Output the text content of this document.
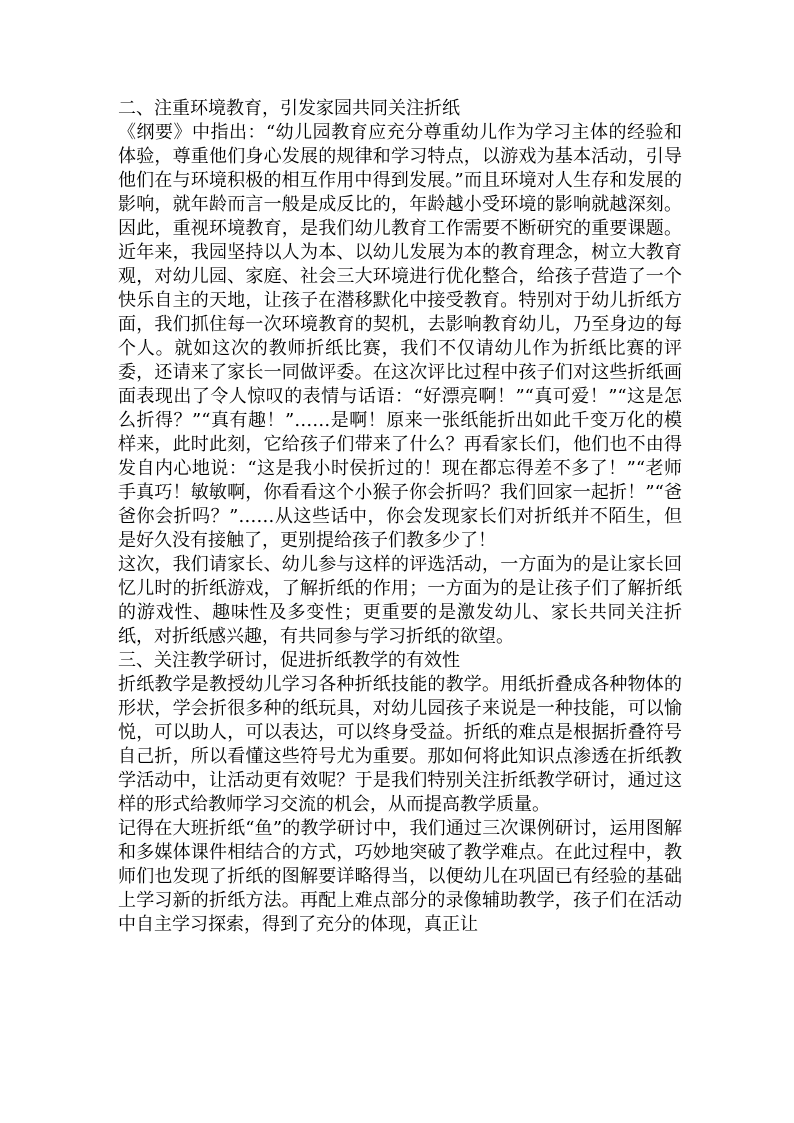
二、注重环境教育，引发家园共同关注折纸

《纲要》中指出：“幼儿园教育应充分尊重幼儿作为学习主体的经验和体验，尊重他们身心发展的规律和学习特点，以游戏为基本活动，引导他们在与环境积极的相互作用中得到发展。”而且环境对人生存和发展的影响，就年龄而言一般是成反比的，年龄越小受环境的影响就越深刻。因此，重视环境教育，是我们幼儿教育工作需要不断研究的重要课题。 近年来，我园坚持以人为本、以幼儿发展为本的教育理念，树立大教育观，对幼儿园、家庭、社会三大环境进行优化整合，给孩子营造了一个快乐自主的天地，让孩子在潜移默化中接受教育。特别对于幼儿折纸方面，我们抓住每一次环境教育的契机，去影响教育幼儿，乃至身边的每个人。就如这次的教师折纸比赛，我们不仅请幼儿作为折纸比赛的评委，还请来了家长一同做评委。在这次评比过程中孩子们对这些折纸画面表现出了令人惊叹的表情与话语：“好漂亮啊！”“真可爱！”“这是怎么折得？”“真有趣！”……是啊！原来一张纸能折出如此千变万化的模样来，此时此刻，它给孩子们带来了什么？再看家长们，他们也不由得发自内心地说：“这是我小时侯折过的！现在都忘得差不多了！”“老师手真巧！敏敏啊，你看看这个小猴子你会折吗？我们回家一起折！”“爸爸你会折吗？”……从这些话中，你会发现家长们对折纸并不陌生，但是好久没有接触了，更别提给孩子们教多少了！

这次，我们请家长、幼儿参与这样的评选活动，一方面为的是让家长回忆儿时的折纸游戏，了解折纸的作用；一方面为的是让孩子们了解折纸的游戏性、趣味性及多变性；更重要的是激发幼儿、家长共同关注折纸，对折纸感兴趣，有共同参与学习折纸的欲望。

三、关注教学研讨，促进折纸教学的有效性

折纸教学是教授幼儿学习各种折纸技能的教学。用纸折叠成各种物体的形状，学会折很多种的纸玩具，对幼儿园孩子来说是一种技能，可以愉悦，可以助人，可以表达，可以终身受益。折纸的难点是根据折叠符号自己折，所以看懂这些符号尤为重要。那如何将此知识点渗透在折纸教学活动中，让活动更有效呢？于是我们特别关注折纸教学研讨，通过这样的形式给教师学习交流的机会，从而提高教学质量。

记得在大班折纸“鱼”的教学研讨中，我们通过三次课例研讨，运用图解和多媒体课件相结合的方式，巧妙地突破了教学难点。在此过程中，教师们也发现了折纸的图解要详略得当，以便幼儿在巩固已有经验的基础上学习新的折纸方法。再配上难点部分的录像辅助教学，孩子们在活动中自主学习探索，得到了充分的体现，真正让
